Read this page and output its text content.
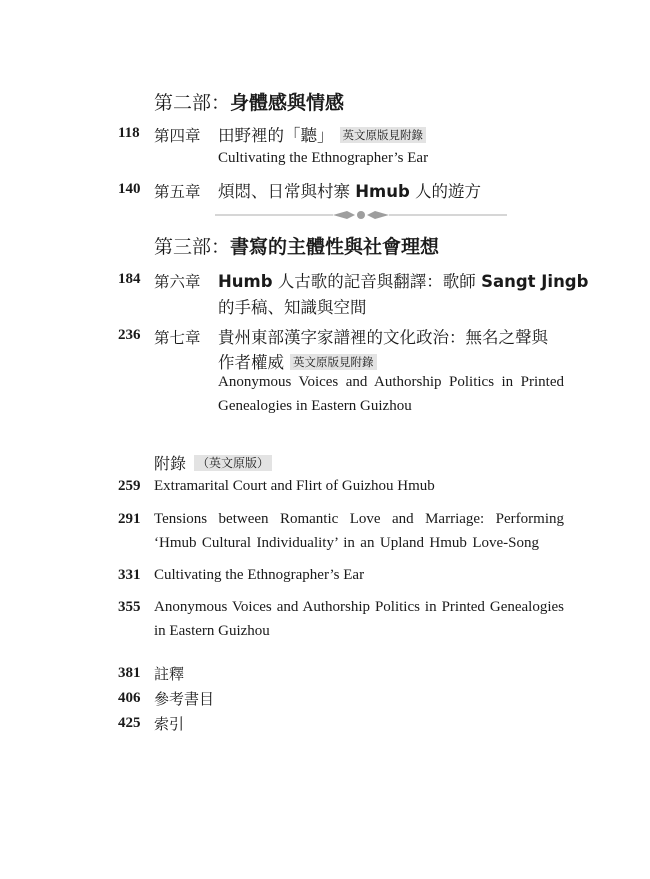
第二部：身體感與情感
118 第四章 田野裡的「聽」 英文原版見附錄
Cultivating the Ethnographer’s Ear
140 第五章 煩悶、日常與村寨 Hmub 人的遊方
第三部：書寫的主體性與社會理想
184 第六章 Humb 人古歌的記音與翻譯：歌師 Sangt Jingb
的手稿、知識與空間
236 第七章 貴州東部漢字家譜裡的文化政治：無名之聲與
作者權威 英文原版見附錄
Anonymous Voices and Authorship Politics in Printed
Genealogies in Eastern Guizhou
附錄 （英文原版）
259 Extramarital Court and Flirt of Guizhou Hmub
291 Tensions between Romantic Love and Marriage: Performing
‘Hmub Cultural Individuality’ in an Upland Hmub Love-Song
331 Cultivating the Ethnographer’s Ear
355 Anonymous Voices and Authorship Politics in Printed Genealogies
in Eastern Guizhou
381 註釋
406 參考書目
425 索引
